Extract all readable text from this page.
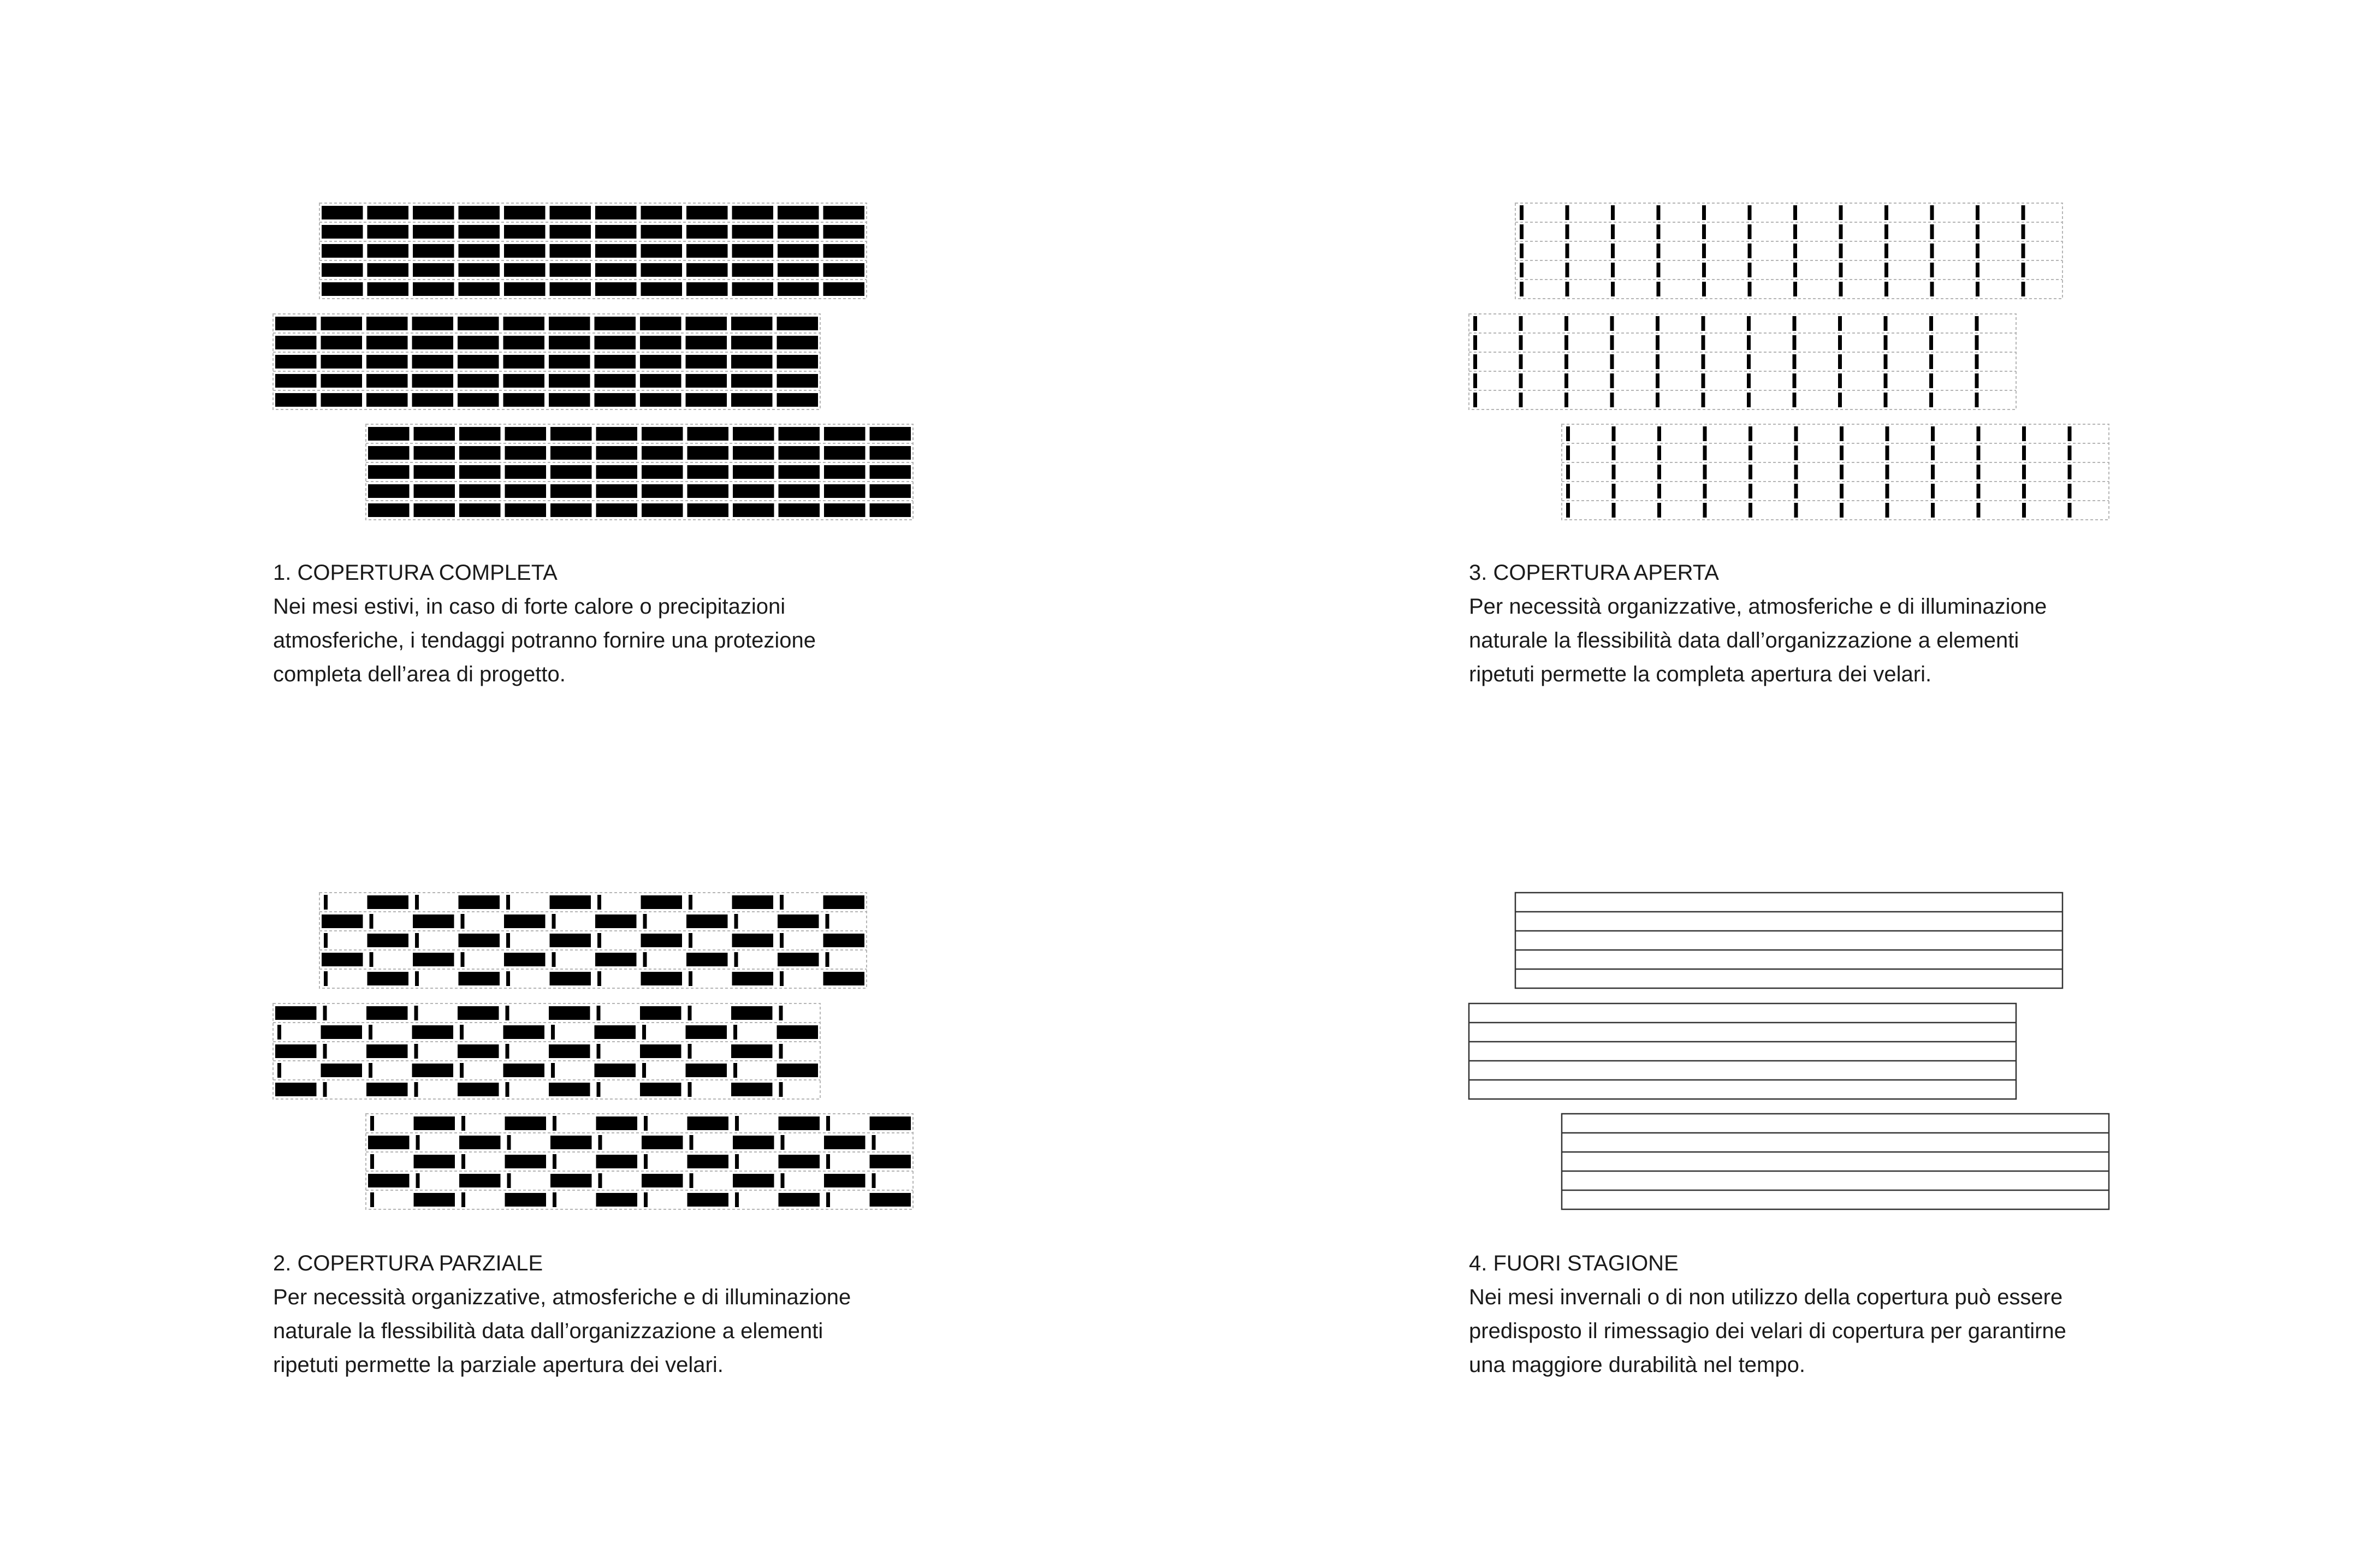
1. COPERTURA COMPLETA

Nei mesi estivi, in caso di forte calore o precipitazioni

atmosferiche, i tendaggi potranno fornire una protezione

completa dell’area di progetto.

2. COPERTURA PARZIALE

Per necessità organizzative, atmosferiche e di illuminazione

naturale la flessibilità data dall’organizzazione a elementi

ripetuti permette la parziale apertura dei velari.

3. COPERTURA APERTA

Per necessità organizzative, atmosferiche e di illuminazione

naturale la flessibilità data dall’organizzazione a elementi

ripetuti permette la completa apertura dei velari.

4. FUORI STAGIONE

Nei mesi invernali o di non utilizzo della copertura può essere

predisposto il rimessagio dei velari di copertura per garantirne

una maggiore durabilità nel tempo.
